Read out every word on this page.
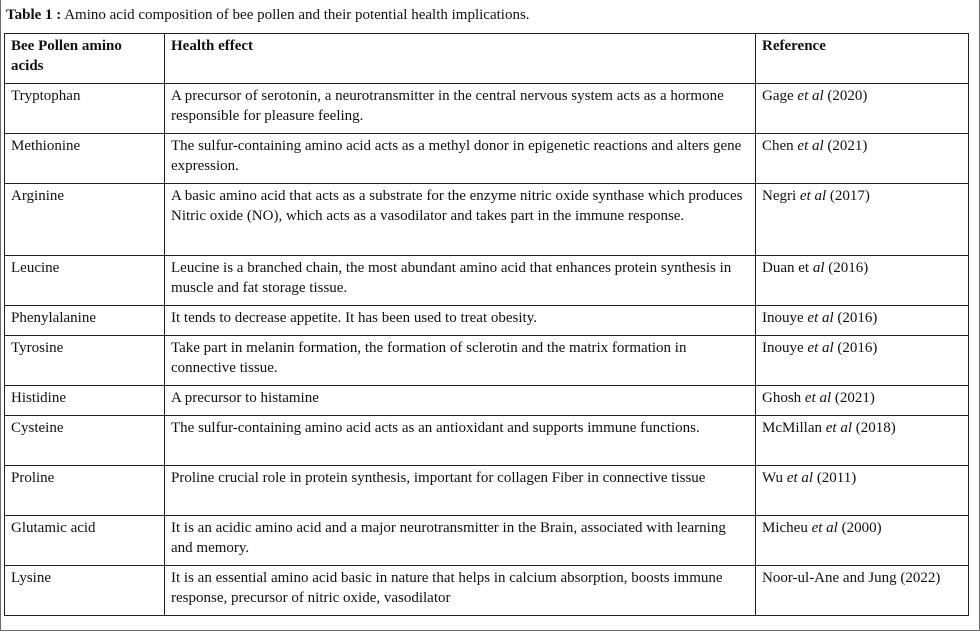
Table 1 : Amino acid composition of bee pollen and their potential health implications.
Bee Pollen amino acids	Health effect	Reference
Tryptophan	A precursor of serotonin, a neurotransmitter in the central nervous system acts as a hormone responsible for pleasure feeling.	Gage et al (2020)
Methionine	The sulfur-containing amino acid acts as a methyl donor in epigenetic reactions and alters gene expression.	Chen et al (2021)
Arginine	A basic amino acid that acts as a substrate for the enzyme nitric oxide synthase which produces Nitric oxide (NO), which acts as a vasodilator and takes part in the immune response.	Negri et al (2017)
Leucine	Leucine is a branched chain, the most abundant amino acid that enhances protein synthesis in muscle and fat storage tissue.	Duan et al (2016)
Phenylalanine	It tends to decrease appetite. It has been used to treat obesity.	Inouye et al (2016)
Tyrosine	Take part in melanin formation, the formation of sclerotin and the matrix formation in connective tissue.	Inouye et al (2016)
Histidine	A precursor to histamine	Ghosh et al (2021)
Cysteine	The sulfur-containing amino acid acts as an antioxidant and supports immune functions.	McMillan et al (2018)
Proline	Proline crucial role in protein synthesis, important for collagen Fiber in connective tissue	Wu et al (2011)
Glutamic acid	It is an acidic amino acid and a major neurotransmitter in the Brain, associated with learning and memory.	Micheu et al (2000)
Lysine	It is an essential amino acid basic in nature that helps in calcium absorption, boosts immune response, precursor of nitric oxide, vasodilator	Noor-ul-Ane and Jung (2022)
